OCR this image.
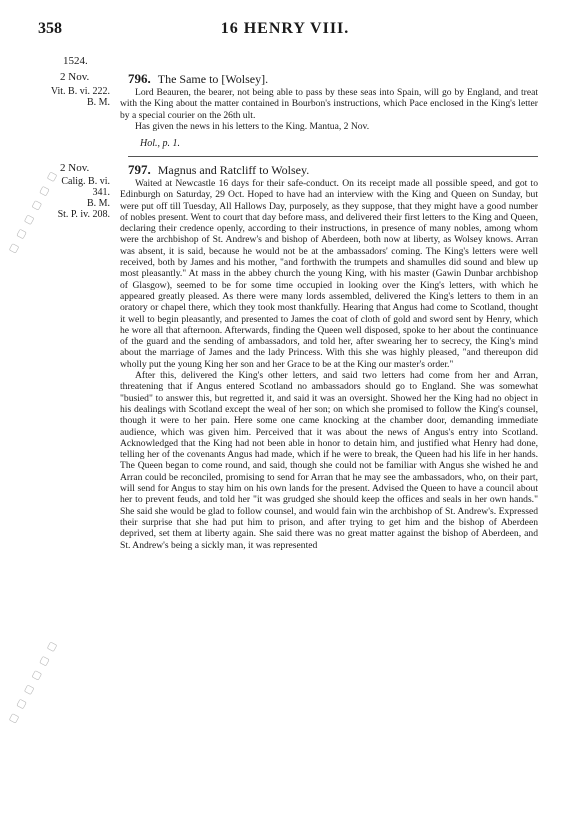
358	16 HENRY VIII.
1524.
2 Nov.
Vit. B. vi. 222.
B. M.
796. The Same to [Wolsey].

Lord Beauren, the bearer, not being able to pass by these seas into Spain, will go by England, and treat with the King about the matter contained in Bourbon's instructions, which Pace enclosed in the King's letter by a special courier on the 26th ult.

Has given the news in his letters to the King. Mantua, 2 Nov.

Hol., p. 1.
2 Nov.
Calig. B. vi.
341.
B. M.
St. P. iv. 208.
797. Magnus and Ratcliff to Wolsey.

Waited at Newcastle 16 days for their safe-conduct. On its receipt made all possible speed, and got to Edinburgh on Saturday, 29 Oct. Hoped to have had an interview with the King and Queen on Sunday, but were put off till Tuesday, All Hallows Day, purposely, as they suppose, that they might have a good number of nobles present. Went to court that day before mass, and delivered their first letters to the King and Queen, declaring their credence openly, according to their instructions, in presence of many nobles, among whom were the archbishop of St. Andrew's and bishop of Aberdeen, both now at liberty, as Wolsey knows. Arran was absent, it is said, because he would not be at the ambassadors' coming. The King's letters were well received, both by James and his mother, "and forthwith the trumpets and shamulles did sound and blew up most pleasantly." At mass in the abbey church the young King, with his master (Gawin Dunbar archbishop of Glasgow), seemed to be for some time occupied in looking over the King's letters, with which he appeared greatly pleased. As there were many lords assembled, delivered the King's letters to them in an oratory or chapel there, which they took most thankfully. Hearing that Angus had come to Scotland, thought it well to begin pleasantly, and presented to James the coat of cloth of gold and sword sent by Henry, which he wore all that afternoon. Afterwards, finding the Queen well disposed, spoke to her about the continuance of the guard and the sending of ambassadors, and told her, after swearing her to secrecy, the King's mind about the marriage of James and the lady Princess. With this she was highly pleased, "and thereupon did wholly put the young King her son and her Grace to be at the King our master's order."

After this, delivered the King's other letters, and said two letters had come from her and Arran, threatening that if Angus entered Scotland no ambassadors should go to England. She was somewhat "busied" to answer this, but regretted it, and said it was an oversight. Showed her the King had no object in his dealings with Scotland except the weal of her son; on which she promised to follow the King's counsel, though it were to her pain. Here some one came knocking at the chamber door, demanding immediate audience, which was given him. Perceived that it was about the news of Angus's entry into Scotland. Acknowledged that the King had not been able in honor to detain him, and justified what Henry had done, telling her of the covenants Angus had made, which if he were to break, the Queen had his life in her hands. The Queen began to come round, and said, though she could not be familiar with Angus she wished he and Arran could be reconciled, promising to send for Arran that he may see the ambassadors, who, on their part, will send for Angus to stay him on his own lands for the present. Advised the Queen to have a council about her to prevent feuds, and told her "it was grudged she should keep the offices and seals in her own hands." She said she would be glad to follow counsel, and would fain win the archbishop of St. Andrew's. Expressed their surprise that she had put him to prison, and after trying to get him and the bishop of Aberdeen deprived, set them at liberty again. She said there was no great matter against the bishop of Aberdeen, and St. Andrew's being a sickly man, it was represented

▢ ▢ ▢ ▢ ▢ ▢
▢ ▢ ▢ ▢ ▢ ▢
